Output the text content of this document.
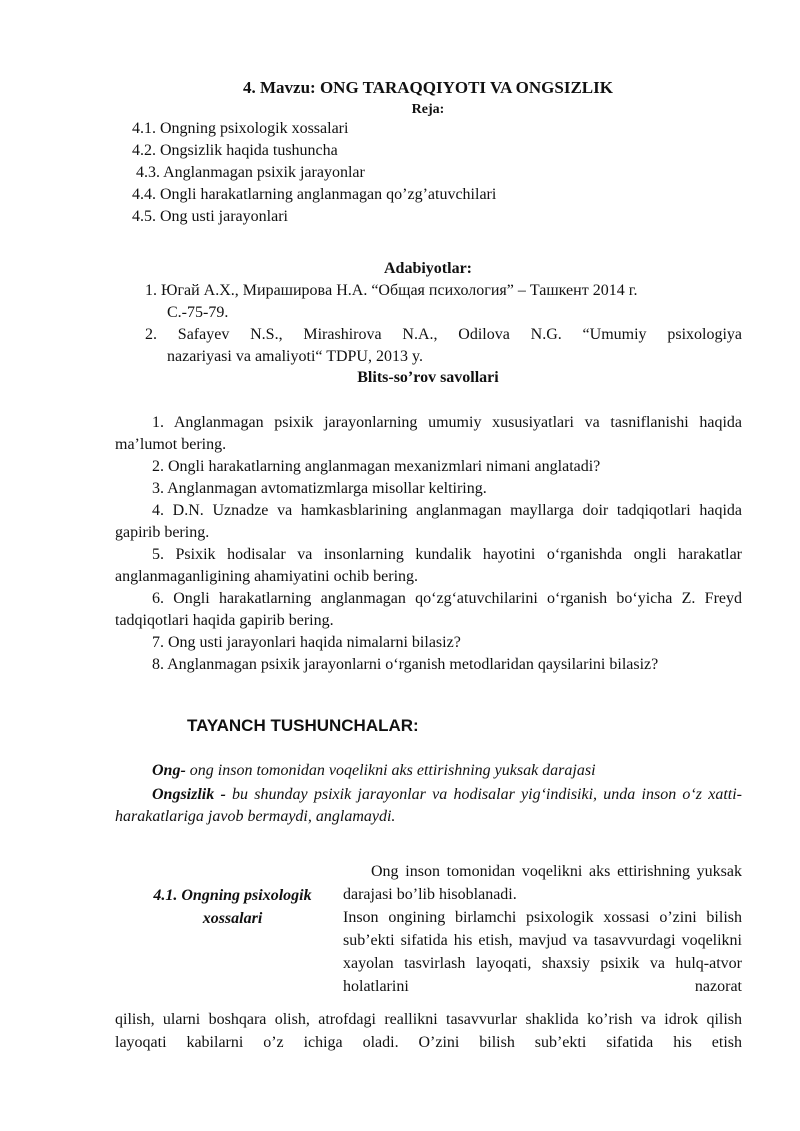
4. Mavzu: ONG TARAQQIYOTI VA ONGSIZLIK
Reja:
4.1. Ongning psixologik xossalari
4.2. Ongsizlik haqida tushuncha
4.3. Anglanmagan psixik jarayonlar
4.4. Ongli harakatlarning anglanmagan qo’zg’atuvchilari
4.5. Ong usti jarayonlari
Adabiyotlar:
1. Югай А.Х., Мирашировa Н.А. “Общая психология” – Ташкент 2014 г.
С.-75-79.
2. Safayev N.S., Mirashirova N.A., Odilova N.G. “Umumiy psixologiya
nazariyasi va amaliyoti“ TDPU, 2013 y.
Blits-so’rov savollari

1. Anglanmagan psixik jarayonlarning umumiy xususiyatlari va tasniflanishi haqida ma’lumot bering.

2. Ongli harakatlarning anglanmagan mexanizmlari nimani anglatadi?

3. Anglanmagan avtomatizmlarga misollar keltiring.

4. D.N. Uznadze va hamkasblarining anglanmagan mayllarga doir tadqiqotlari haqida gapirib bering.

5. Psixik hodisalar va insonlarning kundalik hayotini o‘rganishda ongli harakatlar anglanmaganligining ahamiyatini ochib bering.

6. Ongli harakatlarning anglanmagan qo‘zg‘atuvchilarini o‘rganish bo‘yicha Z. Freyd tadqiqotlari haqida gapirib bering.

7. Ong usti jarayonlari haqida nimalarni bilasiz?

8. Anglanmagan psixik jarayonlarni o‘rganish metodlaridan qaysilarini bilasiz?

TAYANCH TUSHUNCHALAR:

Ong- ong inson tomonidan voqelikni aks ettirishning yuksak darajasi

Ongsizlik - bu shunday psixik jarayonlar va hodisalar yig‘indisiki, unda inson o‘z xatti-harakatlariga javob bermaydi, anglamaydi.

4.1. Ongning psixologik xossalari

Ong inson tomonidan voqelikni aks ettirishning yuksak darajasi bo’lib hisoblanadi.

Inson ongining birlamchi psixologik xossasi o’zini bilish sub’ekti sifatida his etish, mavjud va tasavvurdagi voqelikni xayolan tasvirlash layoqati, shaxsiy psixik va hulq-atvor holatlarini nazorat

qilish, ularni boshqara olish, atrofdagi reallikni tasavvurlar shaklida ko’rish va idrok qilish layoqati kabilarni o’z ichiga oladi. O’zini bilish sub’ekti sifatida his etish
